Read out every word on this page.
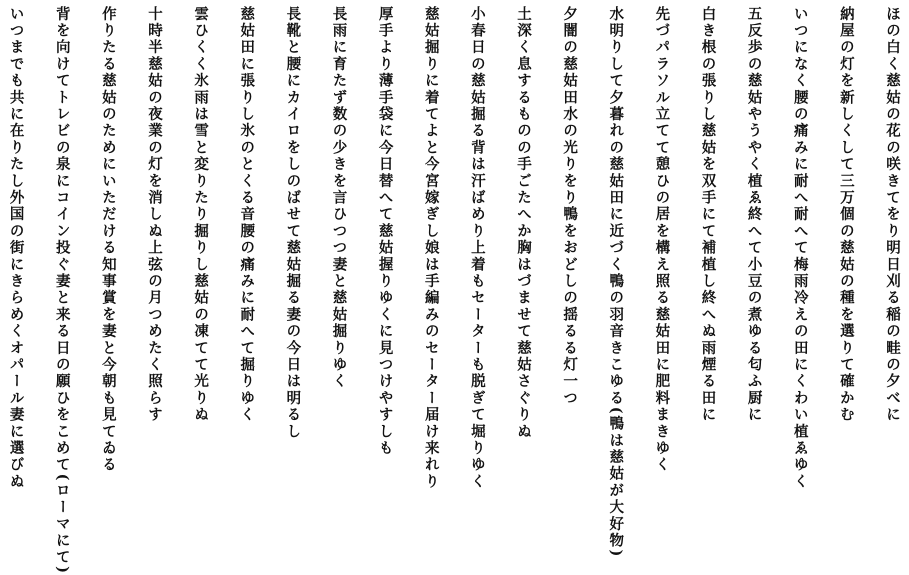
ほの白く慈姑の花の咲きてをり明日刈る稲の畦の夕べに

納屋の灯を新しくして三万個の慈姑の種を選りて確かむ

いつになく腰の痛みに耐へ耐へて梅雨冷えの田にくわい植ゑゆく

五反歩の慈姑やうやく植ゑ終へて小豆の煮ゆる匂ふ厨に

白き根の張りし慈姑を双手にて補植し終へぬ雨煙る田に

先づパラソル立てて憩ひの居を構え照る慈姑田に肥料まきゆく

水明りして夕暮れの慈姑田に近づく鴨の羽音きこゆる(鴨は慈姑が大好物)

夕闇の慈姑田水の光りをり鴨をおどしの揺るる灯一つ

土深く息するものの手ごたへか胸はづませて慈姑さぐりぬ

小春日の慈姑掘る背は汗ばめり上着もセーターも脱ぎて堀りゆく

慈姑掘りに着てよと今宮嫁ぎし娘は手編みのセーター届け来れり

厚手より薄手袋に今日替へて慈姑握りゆくに見つけやすしも

長雨に育たず数の少きを言ひつつ妻と慈姑掘りゆく

長靴と腰にカイロをしのばせて慈姑掘る妻の今日は明るし

慈姑田に張りし氷のとくる音腰の痛みに耐へて掘りゆく

雲ひくく氷雨は雪と変りたり掘りし慈姑の凍てて光りぬ

十時半慈姑の夜業の灯を消しぬ上弦の月つめたく照らす

作りたる慈姑のためにいただける知事賞を妻と今朝も見てゐる

背を向けてトレビの泉にコイン投ぐ妻と来る日の願ひをこめて(ローマにて)

いつまでも共に在りたし外国の街にきらめくオパール妻に選びぬ
